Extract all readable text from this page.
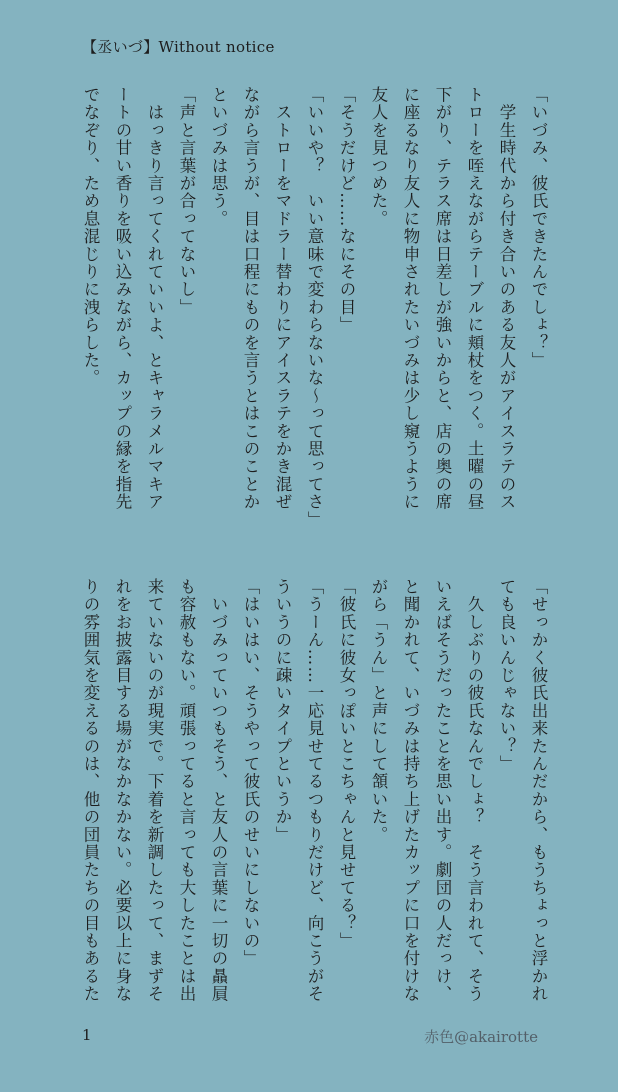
【丞いづ】Without notice
「いづみ、彼氏できたんでしょ？」
　学生時代から付き合いのある友人がアイスラテのス
トローを咥えながらテーブルに頬杖をつく。土曜の昼
下がり、テラス席は日差しが強いからと、店の奥の席
に座るなり友人に物申されたいづみは少し窺うように
友人を見つめた。
「そうだけど……なにその目」
「いいや？　いい意味で変わらないな～って思ってさ」
　ストローをマドラー替わりにアイスラテをかき混ぜ
ながら言うが、目は口程にものを言うとはこのことか
といづみは思う。
「声と言葉が合ってないし」
　はっきり言ってくれていいよ、とキャラメルマキア
ートの甘い香りを吸い込みながら、カップの縁を指先
でなぞり、ため息混じりに洩らした。
「せっかく彼氏出来たんだから、もうちょっと浮かれ
ても良いんじゃない？」
　久しぶりの彼氏なんでしょ？　そう言われて、そう
いえばそうだったことを思い出す。劇団の人だっけ、
と聞かれて、いづみは持ち上げたカップに口を付けな
がら「うん」と声にして頷いた。
「彼氏に彼女っぽいとこちゃんと見せてる？」
「うーん……一応見せてるつもりだけど、向こうがそ
ういうのに疎いタイプというか」
「はいはい、そうやって彼氏のせいにしないの」
　いづみっていつもそう、と友人の言葉に一切の贔屓
も容赦もない。頑張ってると言っても大したことは出
来ていないのが現実で。下着を新調したって、まずそ
れをお披露目する場がなかなかない。必要以上に身な
りの雰囲気を変えるのは、他の団員たちの目もあるた
1	赤色@akairotte
